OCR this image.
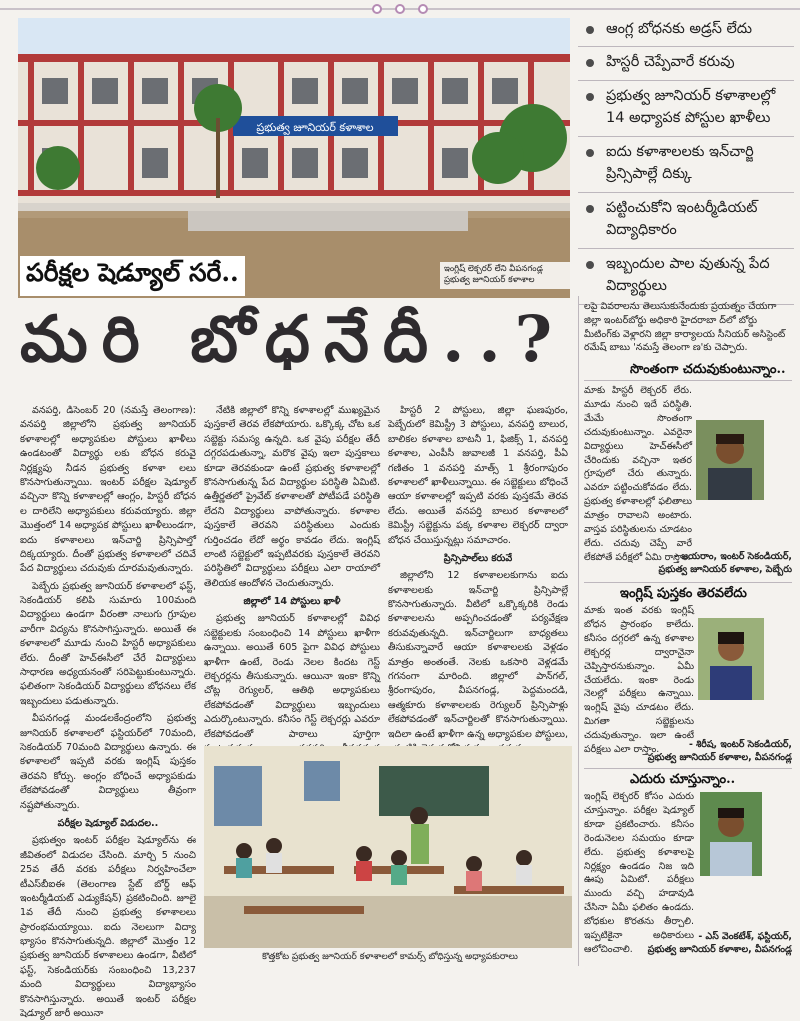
ప్రభుత్వ జూనియర్ కళాశాల
పరీక్షల షెడ్యూల్ సరే..	ఇంగ్లిష్ లెక్చరర్ లేని వీపనగండ్ల ప్రభుత్వ జూనియర్ కళాశాల
ఆంగ్ల బోధనకు అడ్రస్ లేదు
హిస్టరీ చెప్పేవారే కరువు
ప్రభుత్వ జూనియర్ కళాశాలల్లో 14 అధ్యాపక పోస్టుల ఖాళీలు
ఐదు కళాశాలలకు ఇన్‌చార్జి ప్రిన్సిపాల్లే దిక్కు
పట్టించుకోని ఇంటర్మీడియట్ విద్యాధికారం
ఇబ్బందుల పాల వుతున్న పేద విద్యార్థులు
మరి బోధనేదీ..? లపై వివరాలను తెలుసుకునేందుకు ప్రయత్నం చేయగా జిల్లా ఇంటర్‌బోర్డు అధికారి హైదరాబా ద్‌లో బోర్డు మీటింగ్‌కు వెళ్లారని జిల్లా కార్యాలయ సీనియర్ అసిస్టెంట్ రమేష్ బాబు 'నమస్తే తెలంగా ణ'కు చెప్పారు.

వనపర్తి, డిసెంబర్ 20 (నమస్తే తెలంగాణ): వనపర్తి జిల్లాలోని ప్రభుత్వ జూనియర్ కళాశాలల్లో అధ్యాపకుల పోస్టులు ఖాళీలు ఉండటంతో విద్యార్థు లకు బోధన కరువై నిర్లక్ష్యపు నీడన ప్రభుత్వ కళాశా లలు కొనసాగుతున్నాయి. ఇంటర్ పరీక్షల షెడ్యూల్ వచ్చినా కొన్ని కళాశాలల్లో ఆంగ్లం, హిస్టరీ బోధన ల దారిలేని అధ్యాపకులు కరువయ్యారు. జిల్లా మొత్తంలో 14 అధ్యాపక పోస్టులు ఖాళీలుండగా, ఐదు కళాశాలలు ఇన్‌చార్జి ప్రిన్సిపాల్తో దిక్కయ్యారు. దీంతో ప్రభుత్వ కళాశాలలో చదివే పేద విద్యార్థులు చదువుకు దూరమవుతున్నారు.

పెబ్బేరు ప్రభుత్వ జూనియర్ కళాశాలలో ఫస్ట్, సెకండియర్ కలిపి సుమారు 100మంది విద్యార్థులు ఉండగా వీరంతా నాలుగు గ్రూపుల వారీగా విద్యను కొనసాగిస్తున్నారు. అయితే ఈ కళాశాలలో మూడు నుంచి హిస్టరీ అధ్యాపకులు లేరు. దీంతో హెచ్ఈసీలో చేరే విద్యార్థులు సాధారణ అధ్యయనంతో సరిపెట్టుకుంటున్నారు. ఫలితంగా సెకండియర్ విద్యార్థులు బోధనలు లేక ఇబ్బందులు పడుతున్నారు.

వీపనగండ్ల మండలకేంద్రంలోని ప్రభుత్వ జూనియర్ కళాశాలలో ఫస్టియర్‌లో 70మంది, సెకండియర్ 70మంది విద్యార్థులు ఉన్నారు. ఈ కళాశాలలో ఇప్పటి వరకు ఇంగ్లిష్ పుస్తకం తెరవని కోర్సు. అంగ్లం బోధించే అధ్యాపకుడు లేకపోవడంతో విద్యార్థులు తీవ్రంగా నష్టపోతున్నారు.

పరీక్షల షెడ్యూల్ విడుదల..

ప్రభుత్వం ఇంటర్ పరీక్షల షెడ్యూల్‌ను ఈ జీవితంలో విడుదల చేసింది. మార్చి 5 నుంచి 25వ తేదీ వరకు పరీక్షలు నిర్వహించేలా టీఎస్‌బీఐఈ (తెలంగాణ స్టేట్ బోర్డ్ ఆఫ్ ఇంటర్మీడియట్ ఎడ్యుకేషన్) ప్రకటించింది. జూలై 1వ తేదీ నుంచి ప్రభుత్వ కళాశాలలు ప్రారంభమయ్యాయి. ఐదు నెలలుగా విద్యా భ్యాసం కొనసాగుతున్నది. జిల్లాలో మొత్తం 12 ప్రభుత్వ జూనియర్ కళాశాలలు ఉండగా, వీటిలో ఫస్ట్, సెకండియర్‌కు సంబంధించి 13,237 మంది విద్యార్థులు విద్యాభ్యాసం కొనసాగిస్తున్నారు. అయితే ఇంటర్ పరీక్షల షెడ్యూల్ జారీ అయినా

నేటికి జిల్లాలో కొన్ని కళాశాలల్లో ముఖ్యమైన పుస్తకాలే తెరవ లేకపోయారు. ఒక్కొక్క చోట ఒక సబ్జెక్టు సమస్య ఉన్నది. ఒక వైపు పరీక్షల తేదీ దగ్గరపడుతున్నా, మరొక వైపు ఇలా పుస్తకాలు కూడా తెరవకుండా ఉంటే ప్రభుత్వ కళాశాలల్లో కొనసాగుతున్న పేద విద్యార్థుల పరిస్థితి ఏమిటి. ఉత్తీర్ణతలో ప్రైవేట్ కళాశాలతో పోటీపడే పరిస్థితి లేదని విద్యార్థులు వాపోతున్నారు. కళాశాల పుస్తకాలే తెరవని పరిస్థితులు ఎందుకు గుర్తించడం లేదో అర్థం కావడం లేదు. ఇంగ్లిష్ లాంటి సబ్జెక్టులో ఇప్పటివరకు పుస్తకాలే తెరవని పరిస్థితిలో విద్యార్థులు పరీక్షలు ఎలా రాయాలో తెలియక ఆందోళన చెందుతున్నారు.

జిల్లాలో 14 పోస్టులు ఖాళీ

ప్రభుత్వ జూనియర్ కళాశాలల్లో వివిధ సబ్జెక్టులకు సంబంధించి 14 పోస్టులు ఖాళీగా ఉన్నాయి. అయితే 605 పైగా వివిధ పోస్టులు ఖాళీగా ఉంటే, రెండు నెలల కిందట గెస్ట్ లెక్చరర్లను తీసుకున్నారు. ఆయినా ఇంకా కొన్ని చోట్ల రెగ్యులర్, ఆతిథి అధ్యాపకులు లేకపోవడంతో విద్యార్థులు ఇబ్బందులు ఎదుర్కొంటున్నారు. కనీసం గెస్ట్ లెక్చరర్లు ఎవరూ లేకపోవడంతో పాఠాలు పూర్తిగా

హిస్టరీ 2 పోస్టులు, జిల్లా ఘణపురం, పెబ్బేరులో కెమిస్ట్రీ 3 పోస్టులు, వనపర్తి బాలుర, బాలికల కళాశాల బాటనీ 1, ఫిజిక్స్ 1, వనపర్తి కళాశాల, ఎంపీసీ జువాలజీ 1 వనపర్తి, పీఏ గణితం 1 వనపర్తి మాత్స్ 1 శ్రీరంగాపురం కళాశాలలో ఖాళీలున్నాయి. ఈ సబ్జెక్టులు బోధించే ఆయా కళాశాలల్లో ఇప్పటి వరకు పుస్తకమే తెరవ లేదు. అయితే వనపర్తి బాలుర కళాశాలలో కెమిస్ట్రీ సబ్జెక్టును పక్క కళాశాల లెక్చరర్ ద్వారా బోధన చేయిస్తున్నట్లు సమాచారం.

ప్రిన్సిపాల్‌లు కరువే

జిల్లాలోని 12 కళాశాలలకుగాను ఐదు కళాశాలలకు ఇన్‌చార్జి ప్రిన్సిపాల్లే కొనసాగుతున్నారు. వీటిలో ఒక్కొక్కరికి రెండు కళాశాలలను అప్పగించడంతో పర్యవేక్షణ కరువవుతున్నది. ఇన్‌చార్జిలుగా బాధ్యతలు తీసుకున్నావారే ఆయా కళాశాలలకు వెళ్లడం మాత్రం అంతంతే. నెలకు ఒకసారి వెళ్లడమే గగనంగా మారింది. జిల్లాలో పాన్‌గల్, శ్రీరంగాపురం, వీపనగండ్ల, పెద్దమందడి, ఆత్మకూరు కళాశాలలకు రెగ్యులర్ ప్రిన్సిపాళ్లు లేకపోవడంతో ఇన్‌చార్జిలతో కొనసాగుతున్నాయి. ఇదిలా ఉంటే ఖాళీగా ఉన్న అధ్యాపకుల పోస్టులు,

కొత్తకోట ప్రభుత్వ జూనియర్ కళాశాలలో కామర్స్ బోధిస్తున్న అధ్యాపకురాలు
సొంతంగా చదువుకుంటున్నాం..
మాకు హిస్టరీ లెక్చరర్ లేరు. మూడు నుంచి ఇదే పరిస్థితి. మేమే సొంతంగా చదువుకుంటున్నాం. ఎవరైనా విద్యార్థులు హెచ్ఈసీలో చేరిందుకు వచ్చినా ఇతర గ్రూపులో చేరు తున్నారు. ఎవరూ పట్టించుకోవడం లేదు. ప్రభుత్వ కళాశాలల్లో ఫలితాలు మాత్రం రావాలని అంటారు. వాస్తవ పరిస్థితులను చూడటం లేదు. చదువు చెప్పే వారే లేకపోతే పరీక్షలో ఏమి రాస్తాం.
- జయరాం, ఇంటర్ సెకండియర్,
ప్రభుత్వ జూనియర్ కళాశాల, పెబ్బేరు
ఇంగ్లిష్ పుస్తకం తెరవలేదు
మాకు ఇంత వరకు ఇంగ్లిష్ బోధన ప్రారంభం కాలేదు. కనీసం దగ్గరలో ఉన్న కళాశాల లెక్చరర్ల ద్వారానైనా చెప్పిస్తారనుకున్నాం. ఏమీ చేయలేదు. ఇంకా రెండు నెలల్లో పరీక్షలు ఉన్నాయి. ఇంగ్లిష్ వైపు చూడటం లేదు. మిగతా సబ్జెక్టులను చదువుతున్నాం. ఇలా ఉంటే పరీక్షలు ఎలా రాస్తాం.	- శిరీష, ఇంటర్ సెకండియర్,
ప్రభుత్వ జూనియర్ కళాశాల, వీపనగండ్ల
ఎదురు చూస్తున్నాం..
ఇంగ్లిష్ లెక్చరర్ కోసం ఎదురు చూస్తున్నాం. పరీక్షల షెడ్యూల్ కూడా ప్రకటించారు. కనీసం రెండునెలల సమయం కూడా లేదు. ప్రభుత్వ కళాశాలపై నిర్లక్ష్యం ఉండడం నిజ ఇది ఊపు ఏమిటో. పరీక్షలు ముందు వచ్చి హడావుడి చేసినా ఏమీ ఫలితం ఉండదు. బోధకుల కొరతను తీర్చాలి. ఇప్పటికైనా అధికారులు ఆలోచించాలి.
- ఎస్ వెంకటేశ్, ఫస్టియర్,
ప్రభుత్వ జూనియర్ కళాశాల, వీపనగండ్ల
